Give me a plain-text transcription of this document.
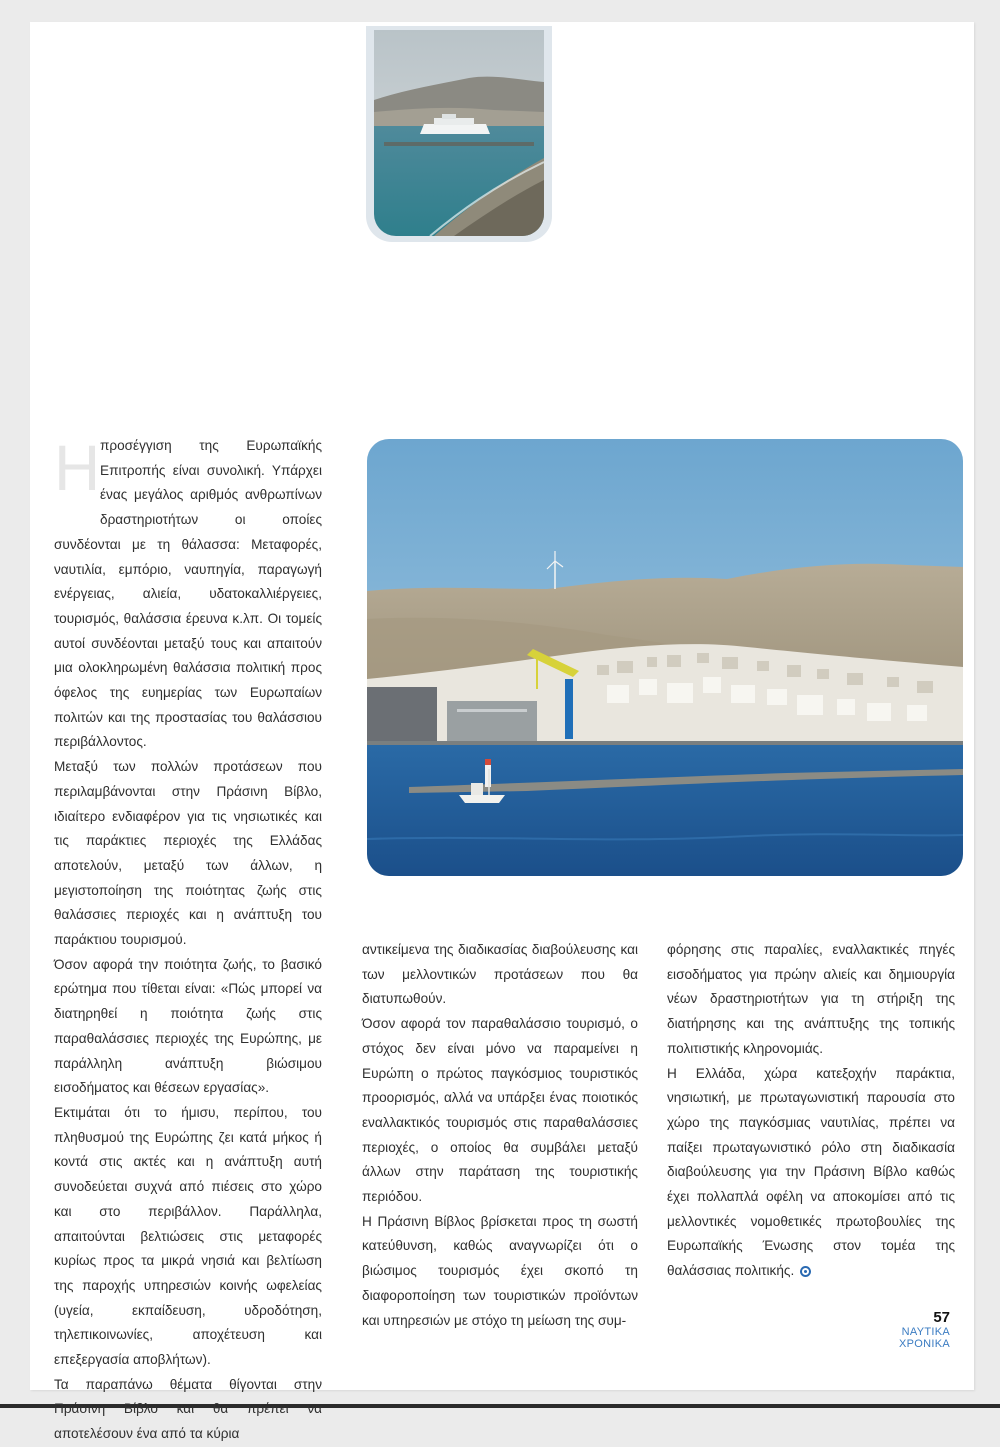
Η προσέγγιση της Ευρωπαϊκής Επιτροπής είναι συνολική. Υπάρχει ένας μεγάλος αριθμός ανθρωπίνων δραστηριοτήτων οι οποίες συνδέονται με τη θάλασσα: Μεταφορές, ναυτιλία, εμπόριο, ναυπηγία, παραγωγή ενέργειας, αλιεία, υδατοκαλλιέργειες, τουρισμός, θαλάσσια έρευνα κ.λπ. Οι τομείς αυτοί συνδέονται μεταξύ τους και απαιτούν μια ολοκληρωμένη θαλάσσια πολιτική προς όφελος της ευημερίας των Ευρωπαίων πολιτών και της προστασίας του θαλάσσιου περιβάλλοντος.

Μεταξύ των πολλών προτάσεων που περιλαμβάνονται στην Πράσινη Βίβλο, ιδιαίτερο ενδιαφέρον για τις νησιωτικές και τις παράκτιες περιοχές της Ελλάδας αποτελούν, μεταξύ των άλλων, η μεγιστοποίηση της ποιότητας ζωής στις θαλάσσιες περιοχές και η ανάπτυξη του παράκτιου τουρισμού.

Όσον αφορά την ποιότητα ζωής, το βασικό ερώτημα που τίθεται είναι: «Πώς μπορεί να διατηρηθεί η ποιότητα ζωής στις παραθαλάσσιες περιοχές της Ευρώπης, με παράλληλη ανάπτυξη βιώσιμου εισοδήματος και θέσεων εργασίας».

Εκτιμάται ότι το ήμισυ, περίπου, του πληθυσμού της Ευρώπης ζει κατά μήκος ή κοντά στις ακτές και η ανάπτυξη αυτή συνοδεύεται συχνά από πιέσεις στο χώρο και στο περιβάλλον. Παράλληλα, απαιτούνται βελτιώσεις στις μεταφορές κυρίως προς τα μικρά νησιά και βελτίωση της παροχής υπηρεσιών κοινής ωφελείας (υγεία, εκπαίδευση, υδροδότηση, τηλεπικοινωνίες, αποχέτευση και επεξεργασία αποβλήτων).

Τα παραπάνω θέματα θίγονται στην Πράσινη Βίβλο και θα πρέπει να αποτελέσουν ένα από τα κύρια

αντικείμενα της διαδικασίας διαβούλευσης και των μελλοντικών προτάσεων που θα διατυπωθούν.

Όσον αφορά τον παραθαλάσσιο τουρισμό, ο στόχος δεν είναι μόνο να παραμείνει η Ευρώπη ο πρώτος παγκόσμιος τουριστικός προορισμός, αλλά να υπάρξει ένας ποιοτικός εναλλακτικός τουρισμός στις παραθαλάσσιες περιοχές, ο οποίος θα συμβάλει μεταξύ άλλων στην παράταση της τουριστικής περιόδου.

Η Πράσινη Βίβλος βρίσκεται προς τη σωστή κατεύθυνση, καθώς αναγνωρίζει ότι ο βιώσιμος τουρισμός έχει σκοπό τη διαφοροποίηση των τουριστικών προϊόντων και υπηρεσιών με στόχο τη μείωση της συμ-

φόρησης στις παραλίες, εναλλακτικές πηγές εισοδήματος για πρώην αλιείς και δημιουργία νέων δραστηριοτήτων για τη στήριξη της διατήρησης και της ανάπτυξης της τοπικής πολιτιστικής κληρονομιάς.

Η Ελλάδα, χώρα κατεξοχήν παράκτια, νησιωτική, με πρωταγωνιστική παρουσία στο χώρο της παγκόσμιας ναυτιλίας, πρέπει να παίξει πρωταγωνιστικό ρόλο στη διαδικασία διαβούλευσης για την Πράσινη Βίβλο καθώς έχει πολλαπλά οφέλη να αποκομίσει από τις μελλοντικές νομοθετικές πρωτοβουλίες της Ευρωπαϊκής Ένωσης στον τομέα της θαλάσσιας πολιτικής.

57
ΝΑΥΤΙΚΑ
ΧΡΟΝΙΚΑ
